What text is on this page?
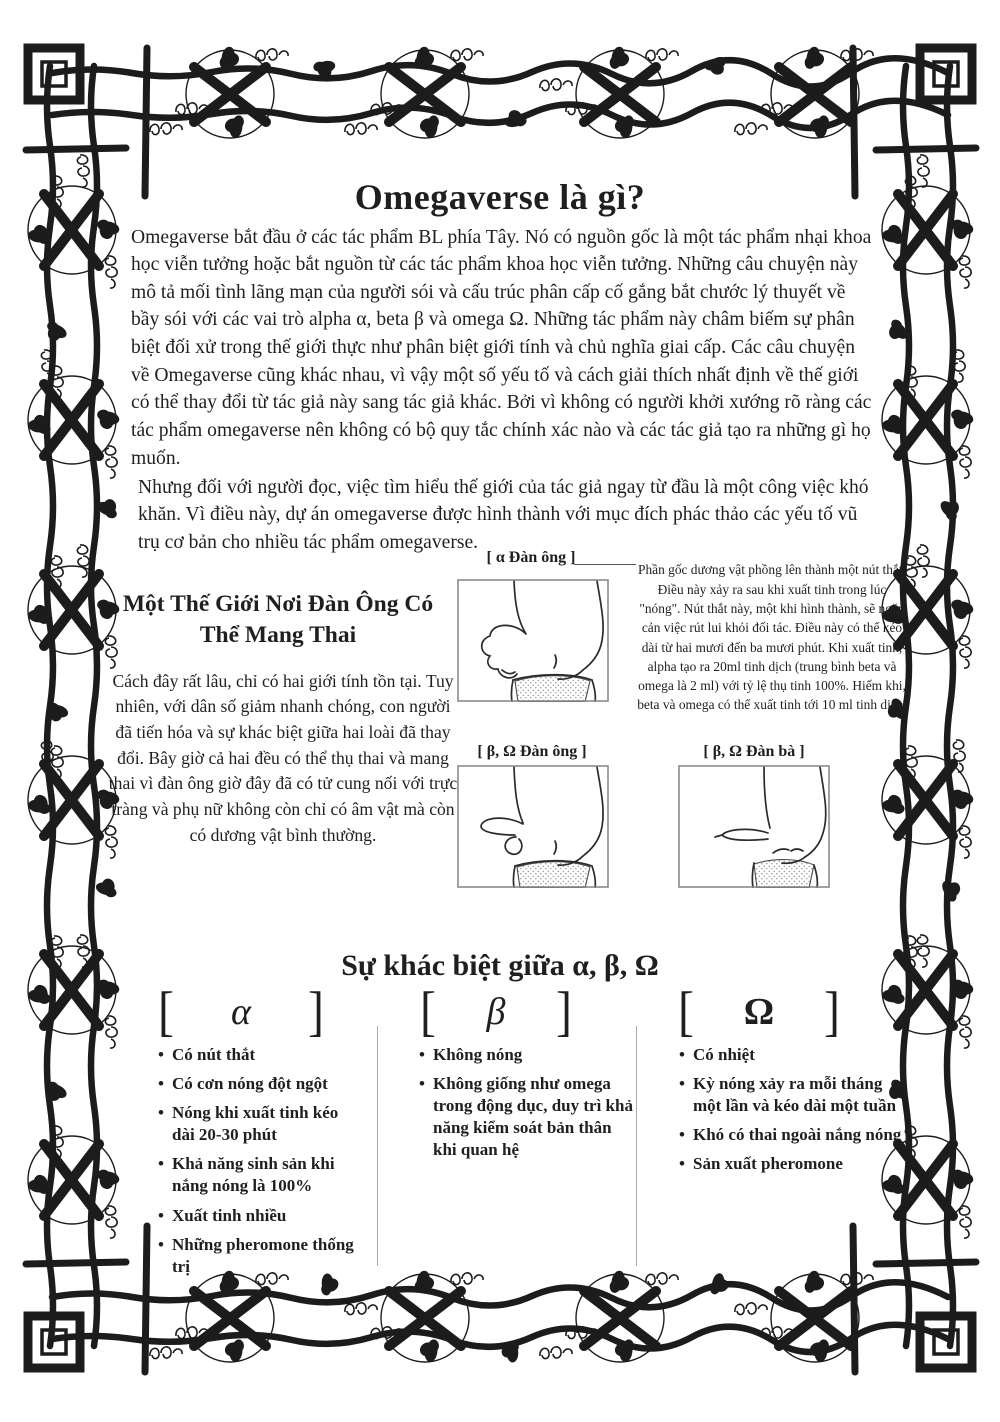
Omegaverse là gì?

Omegaverse bắt đầu ở các tác phẩm BL phía Tây. Nó có nguồn gốc là một tác phẩm nhại khoa học viễn tưởng hoặc bắt nguồn từ các tác phẩm khoa học viễn tưởng. Những câu chuyện này mô tả mối tình lãng mạn của người sói và cấu trúc phân cấp cố gắng bắt chước lý thuyết về bầy sói với các vai trò alpha α, beta β và omega Ω. Những tác phẩm này châm biếm sự phân biệt đối xử trong thế giới thực như phân biệt giới tính và chủ nghĩa giai cấp. Các câu chuyện về Omegaverse cũng khác nhau, vì vậy một số yếu tố và cách giải thích nhất định về thế giới có thể thay đổi từ tác giả này sang tác giả khác. Bởi vì không có người khởi xướng rõ ràng các tác phẩm omegaverse nên không có bộ quy tắc chính xác nào và các tác giả tạo ra những gì họ muốn.

Nhưng đối với người đọc, việc tìm hiểu thế giới của tác giả ngay từ đầu là một công việc khó khăn. Vì điều này, dự án omegaverse được hình thành với mục đích phác thảo các yếu tố vũ trụ cơ bản cho nhiều tác phẩm omegaverse.

Một Thế Giới Nơi Đàn Ông Có Thể Mang Thai

Cách đây rất lâu, chỉ có hai giới tính tồn tại. Tuy nhiên, với dân số giảm nhanh chóng, con người đã tiến hóa và sự khác biệt giữa hai loài đã thay đổi. Bây giờ cả hai đều có thể thụ thai và mang thai vì đàn ông giờ đây đã có tử cung nối với trực tràng và phụ nữ không còn chỉ có âm vật mà còn có dương vật bình thường.

[ α Đàn ông ]

Phần gốc dương vật phồng lên thành một nút thắt. Điều này xảy ra sau khi xuất tinh trong lúc "nóng". Nút thắt này, một khi hình thành, sẽ ngăn cản việc rút lui khỏi đối tác. Điều này có thể kéo dài từ hai mươi đến ba mươi phút. Khi xuất tinh, alpha tạo ra 20ml tinh dịch (trung bình beta và omega là 2 ml) với tỷ lệ thụ tinh 100%. Hiếm khi, beta và omega có thể xuất tinh tới 10 ml tinh dịch.

[ β, Ω Đàn ông ]	[ β, Ω Đàn bà ]
Sự khác biệt giữa α, β, Ω
[ α ] [ β ] [ Ω ]
• Có nút thắt
• Có cơn nóng đột ngột
• Nóng khi xuất tinh kéo dài 20-30 phút
• Khả năng sinh sản khi nắng nóng là 100%
• Xuất tinh nhiều
• Những pheromone thống trị
• Không nóng
• Không giống như omega trong động dục, duy trì khả năng kiểm soát bản thân khi quan hệ
• Có nhiệt
• Kỳ nóng xảy ra mỗi tháng một lần và kéo dài một tuần
• Khó có thai ngoài nắng nóng
• Sản xuất pheromone
